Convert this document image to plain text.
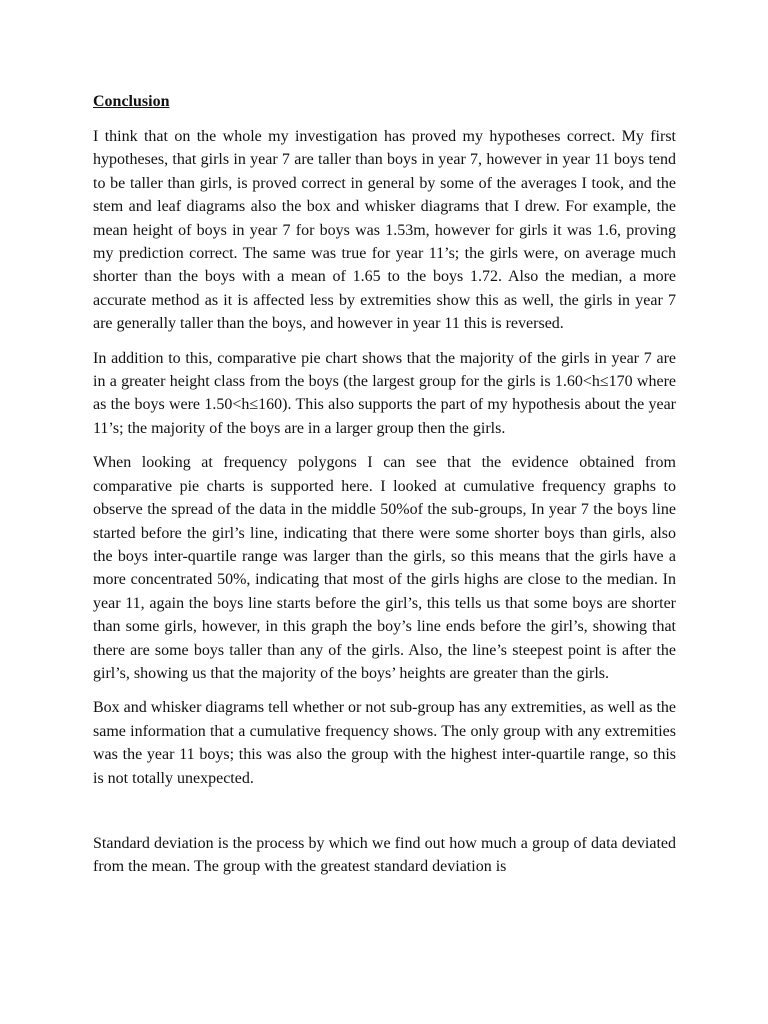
Conclusion

I think that on the whole my investigation has proved my hypotheses correct. My first hypotheses, that girls in year 7 are taller than boys in year 7, however in year 11 boys tend to be taller than girls, is proved correct in general by some of the averages I took, and the stem and leaf diagrams also the box and whisker diagrams that I drew. For example, the mean height of boys in year 7 for boys was 1.53m, however for girls it was 1.6, proving my prediction correct. The same was true for year 11’s; the girls were, on average much shorter than the boys with a mean of 1.65 to the boys 1.72. Also the median, a more accurate method as it is affected less by extremities show this as well, the girls in year 7 are generally taller than the boys, and however in year 11 this is reversed.

In addition to this, comparative pie chart shows that the majority of the girls in year 7 are in a greater height class from the boys (the largest group for the girls is 1.60<h≤170 where as the boys were 1.50<h≤160). This also supports the part of my hypothesis about the year 11’s; the majority of the boys are in a larger group then the girls.

When looking at frequency polygons I can see that the evidence obtained from comparative pie charts is supported here. I looked at cumulative frequency graphs to observe the spread of the data in the middle 50%of the sub-groups, In year 7 the boys line started before the girl’s line, indicating that there were some shorter boys than girls, also the boys inter-quartile range was larger than the girls, so this means that the girls have a more concentrated 50%, indicating that most of the girls highs are close to the median. In year 11, again the boys line starts before the girl’s, this tells us that some boys are shorter than some girls, however, in this graph the boy’s line ends before the girl’s, showing that there are some boys taller than any of the girls. Also, the line’s steepest point is after the girl’s, showing us that the majority of the boys’ heights are greater than the girls.

Box and whisker diagrams tell whether or not sub-group has any extremities, as well as the same information that a cumulative frequency shows. The only group with any extremities was the year 11 boys; this was also the group with the highest inter-quartile range, so this is not totally unexpected.

Standard deviation is the process by which we find out how much a group of data deviated from the mean. The group with the greatest standard deviation is
